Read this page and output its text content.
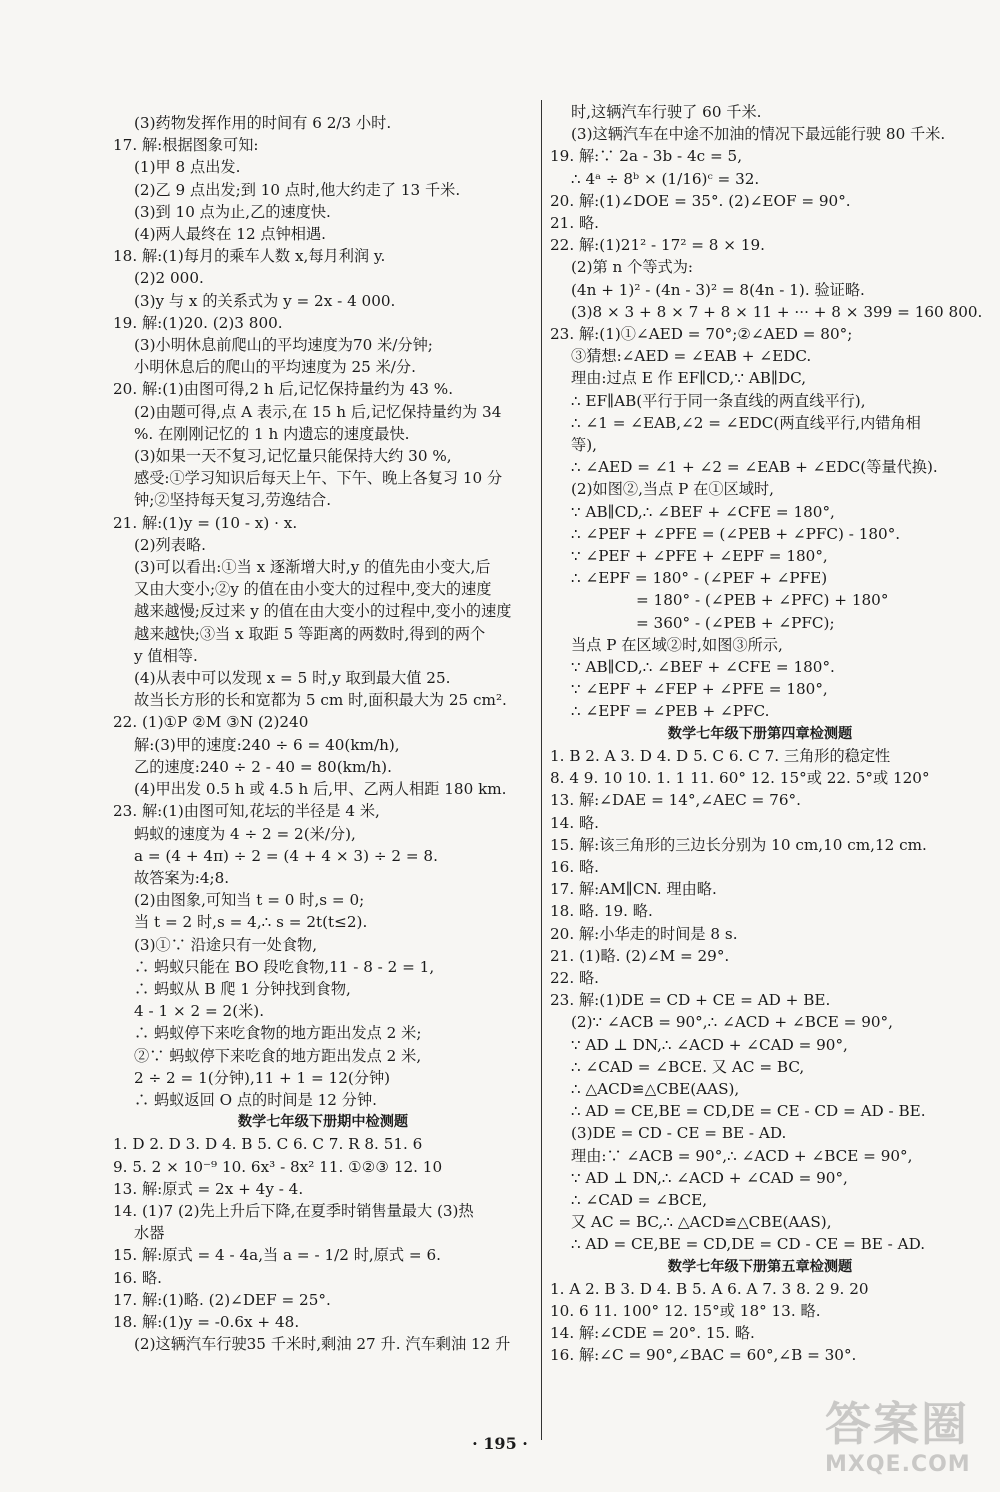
(3)药物发挥作用的时间有 6 2/3 小时.
17. 解:根据图象可知:
(1)甲 8 点出发.
(2)乙 9 点出发;到 10 点时,他大约走了 13 千米.
(3)到 10 点为止,乙的速度快.
(4)两人最终在 12 点钟相遇.
18. 解:(1)每月的乘车人数 x,每月利润 y.
(2)2 000.
(3)y 与 x 的关系式为 y = 2x - 4 000.
19. 解:(1)20. (2)3 800.
(3)小明休息前爬山的平均速度为70 米/分钟;
小明休息后的爬山的平均速度为 25 米/分.
20. 解:(1)由图可得,2 h 后,记忆保持量约为 43 %.
(2)由题可得,点 A 表示,在 15 h 后,记忆保持量约为 34
%. 在刚刚记忆的 1 h 内遗忘的速度最快.
(3)如果一天不复习,记忆量只能保持大约 30 %,
感受:①学习知识后每天上午、下午、晚上各复习 10 分
钟;②坚持每天复习,劳逸结合.
21. 解:(1)y = (10 - x) · x.
(2)列表略.
(3)可以看出:①当 x 逐渐增大时,y 的值先由小变大,后
又由大变小;②y 的值在由小变大的过程中,变大的速度
越来越慢;反过来 y 的值在由大变小的过程中,变小的速度
越来越快;③当 x 取距 5 等距离的两数时,得到的两个
y 值相等.
(4)从表中可以发现 x = 5 时,y 取到最大值 25.
故当长方形的长和宽都为 5 cm 时,面积最大为 25 cm².
22. (1)①P ②M ③N (2)240
解:(3)甲的速度:240 ÷ 6 = 40(km/h),
乙的速度:240 ÷ 2 - 40 = 80(km/h).
(4)甲出发 0.5 h 或 4.5 h 后,甲、乙两人相距 180 km.
23. 解:(1)由图可知,花坛的半径是 4 米,
蚂蚁的速度为 4 ÷ 2 = 2(米/分),
a = (4 + 4π) ÷ 2 = (4 + 4 × 3) ÷ 2 = 8.
故答案为:4;8.
(2)由图象,可知当 t = 0 时,s = 0;
当 t = 2 时,s = 4,∴ s = 2t(t≤2).
(3)①∵ 沿途只有一处食物,
∴ 蚂蚁只能在 BO 段吃食物,11 - 8 - 2 = 1,
∴ 蚂蚁从 B 爬 1 分钟找到食物,
4 - 1 × 2 = 2(米).
∴ 蚂蚁停下来吃食物的地方距出发点 2 米;
②∵ 蚂蚁停下来吃食的地方距出发点 2 米,
2 ÷ 2 = 1(分钟),11 + 1 = 12(分钟)
∴ 蚂蚁返回 O 点的时间是 12 分钟.
数学七年级下册期中检测题
1. D 2. D 3. D 4. B 5. C 6. C 7. R 8. 51. 6
9. 5. 2 × 10⁻⁹ 10. 6x³ - 8x² 11. ①②③ 12. 10
13. 解:原式 = 2x + 4y - 4.
14. (1)7 (2)先上升后下降,在夏季时销售量最大 (3)热
水器
15. 解:原式 = 4 - 4a,当 a = - 1/2 时,原式 = 6.
16. 略.
17. 解:(1)略. (2)∠DEF = 25°.
18. 解:(1)y = -0.6x + 48.
(2)这辆汽车行驶35 千米时,剩油 27 升. 汽车剩油 12 升
时,这辆汽车行驶了 60 千米.
(3)这辆汽车在中途不加油的情况下最远能行驶 80 千米.
19. 解:∵ 2a - 3b - 4c = 5,
∴ 4ᵃ ÷ 8ᵇ × (1/16)ᶜ = 32.
20. 解:(1)∠DOE = 35°. (2)∠EOF = 90°.
21. 略.
22. 解:(1)21² - 17² = 8 × 19.
(2)第 n 个等式为:
(4n + 1)² - (4n - 3)² = 8(4n - 1). 验证略.
(3)8 × 3 + 8 × 7 + 8 × 11 + ··· + 8 × 399 = 160 800.
23. 解:(1)①∠AED = 70°;②∠AED = 80°;
③猜想:∠AED = ∠EAB + ∠EDC.
理由:过点 E 作 EF∥CD,∵ AB∥DC,
∴ EF∥AB(平行于同一条直线的两直线平行),
∴ ∠1 = ∠EAB,∠2 = ∠EDC(两直线平行,内错角相
等),
∴ ∠AED = ∠1 + ∠2 = ∠EAB + ∠EDC(等量代换).
(2)如图②,当点 P 在①区域时,
∵ AB∥CD,∴ ∠BEF + ∠CFE = 180°,
∴ ∠PEF + ∠PFE = (∠PEB + ∠PFC) - 180°.
∵ ∠PEF + ∠PFE + ∠EPF = 180°,
∴ ∠EPF = 180° - (∠PEF + ∠PFE)
= 180° - (∠PEB + ∠PFC) + 180°
= 360° - (∠PEB + ∠PFC);
当点 P 在区域②时,如图③所示,
∵ AB∥CD,∴ ∠BEF + ∠CFE = 180°.
∵ ∠EPF + ∠FEP + ∠PFE = 180°,
∴ ∠EPF = ∠PEB + ∠PFC.
数学七年级下册第四章检测题
1. B 2. A 3. D 4. D 5. C 6. C 7. 三角形的稳定性
8. 4 9. 10 10. 1. 1 11. 60° 12. 15°或 22. 5°或 120°
13. 解:∠DAE = 14°,∠AEC = 76°.
14. 略.
15. 解:该三角形的三边长分别为 10 cm,10 cm,12 cm.
16. 略.
17. 解:AM∥CN. 理由略.
18. 略. 19. 略.
20. 解:小华走的时间是 8 s.
21. (1)略. (2)∠M = 29°.
22. 略.
23. 解:(1)DE = CD + CE = AD + BE.
(2)∵ ∠ACB = 90°,∴ ∠ACD + ∠BCE = 90°,
∵ AD ⊥ DN,∴ ∠ACD + ∠CAD = 90°,
∴ ∠CAD = ∠BCE. 又 AC = BC,
∴ △ACD≌△CBE(AAS),
∴ AD = CE,BE = CD,DE = CE - CD = AD - BE.
(3)DE = CD - CE = BE - AD.
理由:∵ ∠ACB = 90°,∴ ∠ACD + ∠BCE = 90°,
∵ AD ⊥ DN,∴ ∠ACD + ∠CAD = 90°,
∴ ∠CAD = ∠BCE,
又 AC = BC,∴ △ACD≌△CBE(AAS),
∴ AD = CE,BE = CD,DE = CD - CE = BE - AD.
数学七年级下册第五章检测题
1. A 2. B 3. D 4. B 5. A 6. A 7. 3 8. 2 9. 20
10. 6 11. 100° 12. 15°或 18° 13. 略.
14. 解:∠CDE = 20°. 15. 略.
16. 解:∠C = 90°,∠BAC = 60°,∠B = 30°.
· 195 ·	答案圈
MXQE.COM
